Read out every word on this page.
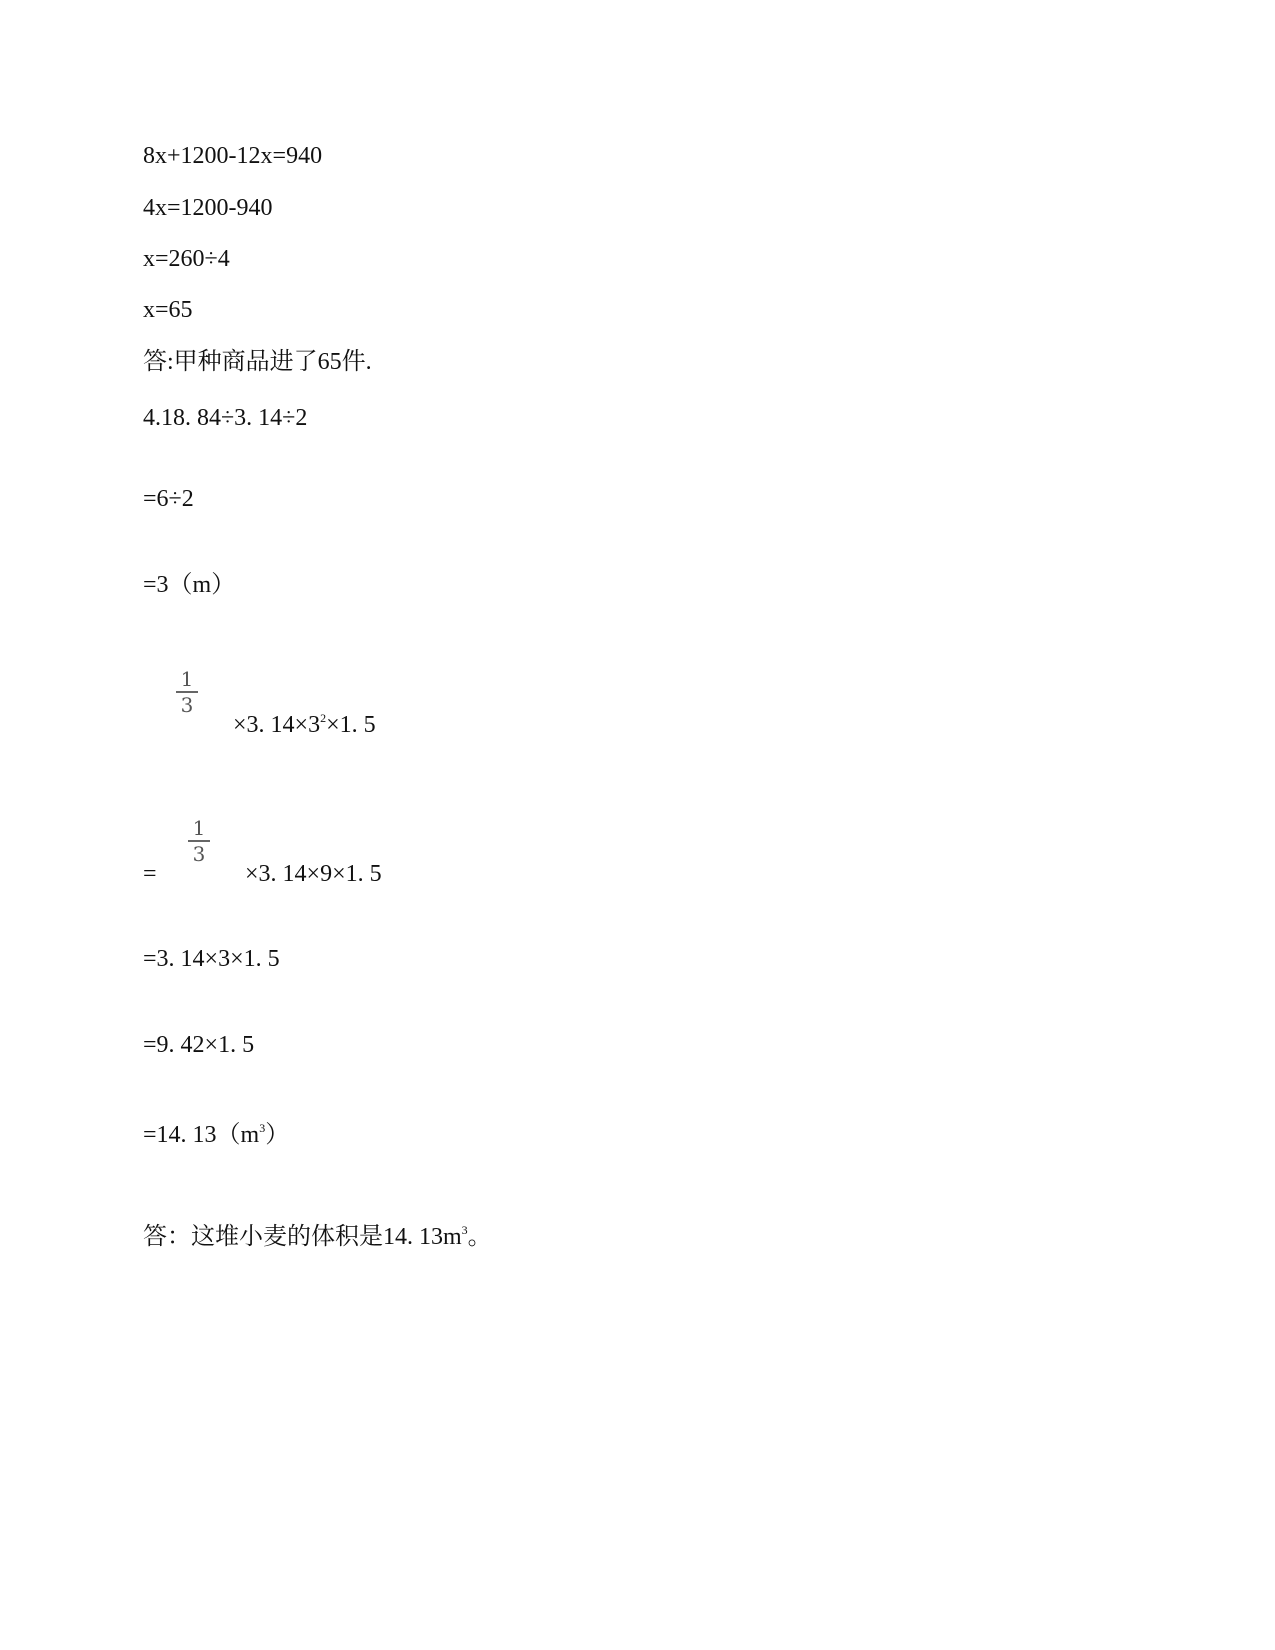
8x+1200-12x=940
4x=1200-940
x=260÷4
x=65
答:甲种商品进了65件.
4.18. 84÷3. 14÷2
=6÷2
=3（m）
1
3
×3. $14\times 3^2\times 1$. 5
=
1
3
×3. 14×9×1. 5
=3. 14×3×1. 5
=9. 42×1. 5
=14. $13(m^3)$
答：这堆小麦的体积是14. $13m^3$。
